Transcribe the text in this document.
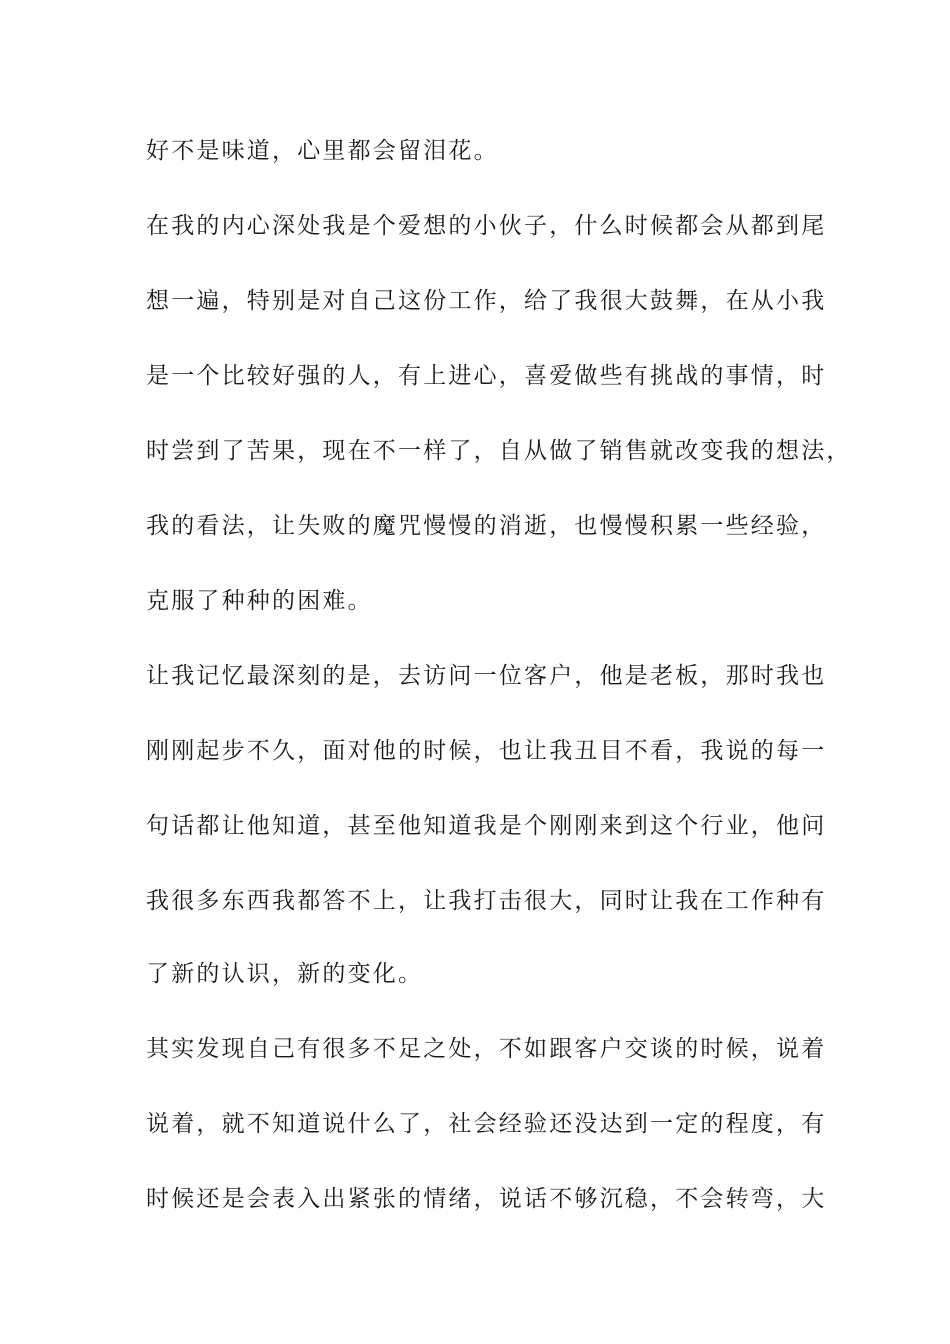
好不是味道，心里都会留泪花。
在我的内心深处我是个爱想的小伙子，什么时候都会从都到尾
想一遍，特别是对自己这份工作，给了我很大鼓舞，在从小我
是一个比较好强的人，有上进心，喜爱做些有挑战的事情，时
时尝到了苦果，现在不一样了，自从做了销售就改变我的想法，
我的看法，让失败的魔咒慢慢的消逝，也慢慢积累一些经验，
克服了种种的困难。
让我记忆最深刻的是，去访问一位客户，他是老板，那时我也
刚刚起步不久，面对他的时候，也让我丑目不看，我说的每一
句话都让他知道，甚至他知道我是个刚刚来到这个行业，他问
我很多东西我都答不上，让我打击很大，同时让我在工作种有
了新的认识，新的变化。
其实发现自己有很多不足之处，不如跟客户交谈的时候，说着
说着，就不知道说什么了，社会经验还没达到一定的程度，有
时候还是会表入出紧张的情绪，说话不够沉稳，不会转弯，大
